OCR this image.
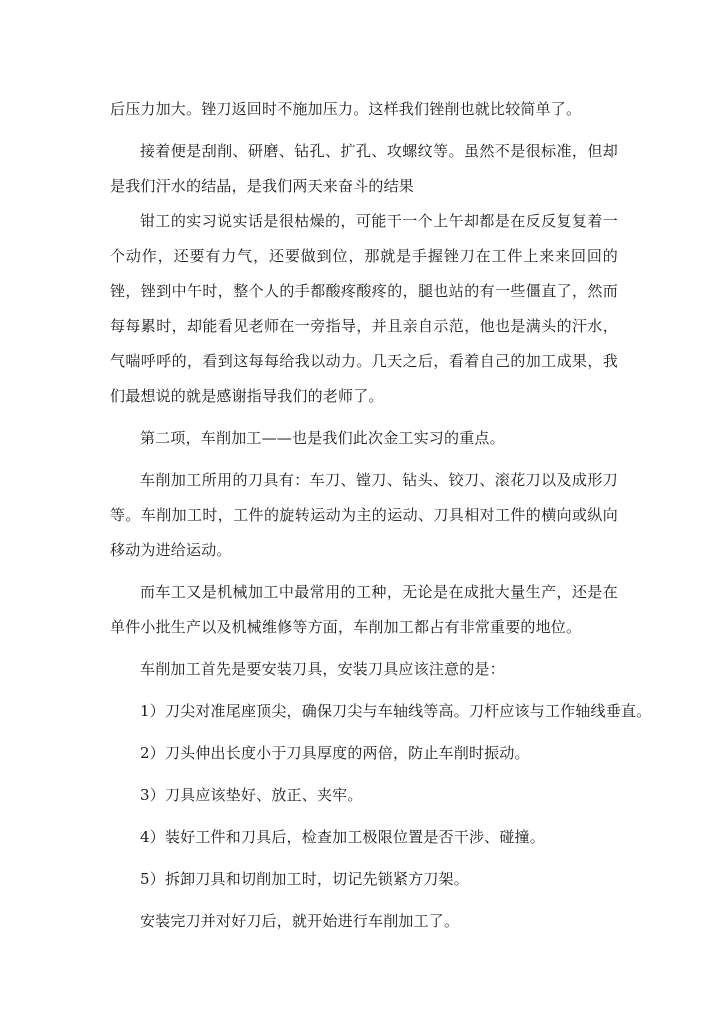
后压力加大。锉刀返回时不施加压力。这样我们锉削也就比较简单了。

接着便是刮削、研磨、钻孔、扩孔、攻螺纹等。虽然不是很标准，但却是我们汗水的结晶，是我们两天来奋斗的结果

钳工的实习说实话是很枯燥的，可能干一个上午却都是在反反复复着一个动作，还要有力气，还要做到位，那就是手握锉刀在工件上来来回回的锉，锉到中午时，整个人的手都酸疼酸疼的，腿也站的有一些僵直了，然而每每累时，却能看见老师在一旁指导，并且亲自示范，他也是满头的汗水，气喘呼呼的，看到这每每给我以动力。几天之后，看着自己的加工成果，我们最想说的就是感谢指导我们的老师了。

第二项，车削加工——也是我们此次金工实习的重点。

车削加工所用的刀具有：车刀、镗刀、钻头、铰刀、滚花刀以及成形刀等。车削加工时，工件的旋转运动为主的运动、刀具相对工件的横向或纵向移动为进给运动。

而车工又是机械加工中最常用的工种，无论是在成批大量生产，还是在单件小批生产以及机械维修等方面，车削加工都占有非常重要的地位。

车削加工首先是要安装刀具，安装刀具应该注意的是：

1）刀尖对准尾座顶尖，确保刀尖与车轴线等高。刀杆应该与工作轴线垂直。

2）刀头伸出长度小于刀具厚度的两倍，防止车削时振动。

3）刀具应该垫好、放正、夹牢。

4）装好工件和刀具后，检查加工极限位置是否干涉、碰撞。

5）拆卸刀具和切削加工时，切记先锁紧方刀架。

安装完刀并对好刀后，就开始进行车削加工了。
